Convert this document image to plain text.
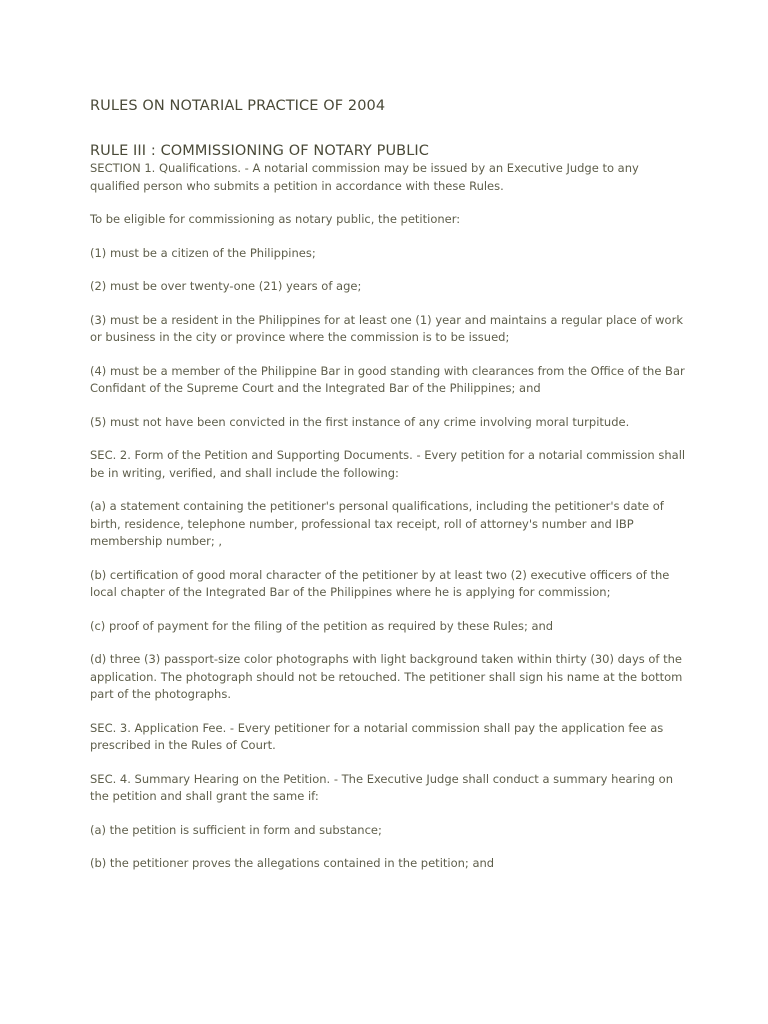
RULES ON NOTARIAL PRACTICE OF 2004
RULE III : COMMISSIONING OF NOTARY PUBLIC

SECTION 1. Qualifications. - A notarial commission may be issued by an Executive Judge to any qualified person who submits a petition in accordance with these Rules.

To be eligible for commissioning as notary public, the petitioner:

(1) must be a citizen of the Philippines;

(2) must be over twenty-one (21) years of age;

(3) must be a resident in the Philippines for at least one (1) year and maintains a regular place of work or business in the city or province where the commission is to be issued;

(4) must be a member of the Philippine Bar in good standing with clearances from the Office of the Bar Confidant of the Supreme Court and the Integrated Bar of the Philippines; and

(5) must not have been convicted in the first instance of any crime involving moral turpitude.

SEC. 2. Form of the Petition and Supporting Documents. - Every petition for a notarial commission shall be in writing, verified, and shall include the following:

(a) a statement containing the petitioner's personal qualifications, including the petitioner's date of birth, residence, telephone number, professional tax receipt, roll of attorney's number and IBP membership number; ,

(b) certification of good moral character of the petitioner by at least two (2) executive officers of the local chapter of the Integrated Bar of the Philippines where he is applying for commission;

(c) proof of payment for the filing of the petition as required by these Rules; and

(d) three (3) passport-size color photographs with light background taken within thirty (30) days of the application. The photograph should not be retouched. The petitioner shall sign his name at the bottom part of the photographs.

SEC. 3. Application Fee. - Every petitioner for a notarial commission shall pay the application fee as prescribed in the Rules of Court.

SEC. 4. Summary Hearing on the Petition. - The Executive Judge shall conduct a summary hearing on the petition and shall grant the same if:

(a) the petition is sufficient in form and substance;

(b) the petitioner proves the allegations contained in the petition; and
